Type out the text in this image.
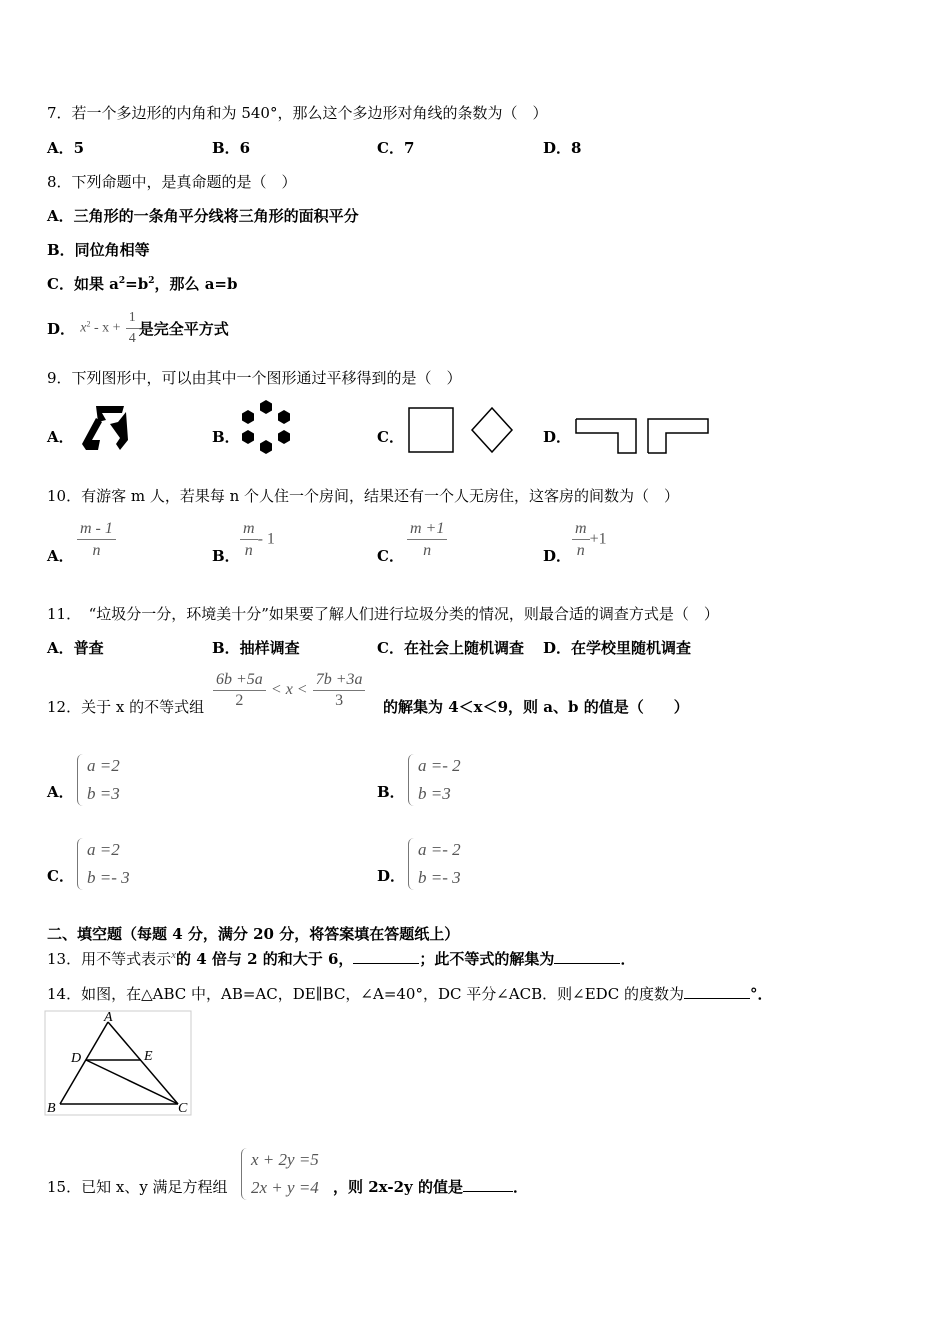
7．若一个多边形的内角和为 540°，那么这个多边形对角线的条数为（　）
A．5	B．6	C．7	D．8
8．下列命题中，是真命题的是（　）
A．三角形的一条角平分线将三角形的面积平分
B．同位角相等
C．如果 $a^2=b^2$，那么 a=b
D． $x^2 - x + \frac{1}{4}$ 是完全平方式
9．下列图形中，可以由其中一个图形通过平移得到的是（　）
A．	B．	C．	D．
10．有游客 m 人，若果每 n 个人住一个房间，结果还有一个人无房住，这客房的间数为（　）
A． $\frac{m - 1}{n}$	B． $\frac{m}{n} - 1$
C． $\frac{m +1}{n}$	D． $\frac{m}{n} +1$
11．　“垃圾分一分，环境美十分”如果要了解人们进行垃圾分类的情况，则最合适的调查方式是（　）
A．普查	B．抽样调查	C．在社会上随机调查 D．在学校里随机调查
12．关于 x 的不等式组 $\frac{6b +5a}{2} < x < \frac{7b +3a}{3}$ 的解集为 4＜x＜9，则 a、b 的值是（　　）
A．
a =2
b =3	B．
a =- 2
b =3
C．
a =2
b =- 3	D．
a =- 2
b =- 3
二、填空题（每题 4 分，满分 20 分，将答案填在答题纸上）
13．用不等式表示$^x$的 4 倍与 2 的和大于 6，	；此不等式的解集为	．
14．如图，在△ABC 中，AB=AC，DE∥BC，∠A=40°，DC 平分∠ACB．则∠EDC 的度数为	°．
A
B	C
D	E
15．已知 x、y 满足方程组
x + 2y =5
2x + y =4 ，则 2x-2y 的值是	．
